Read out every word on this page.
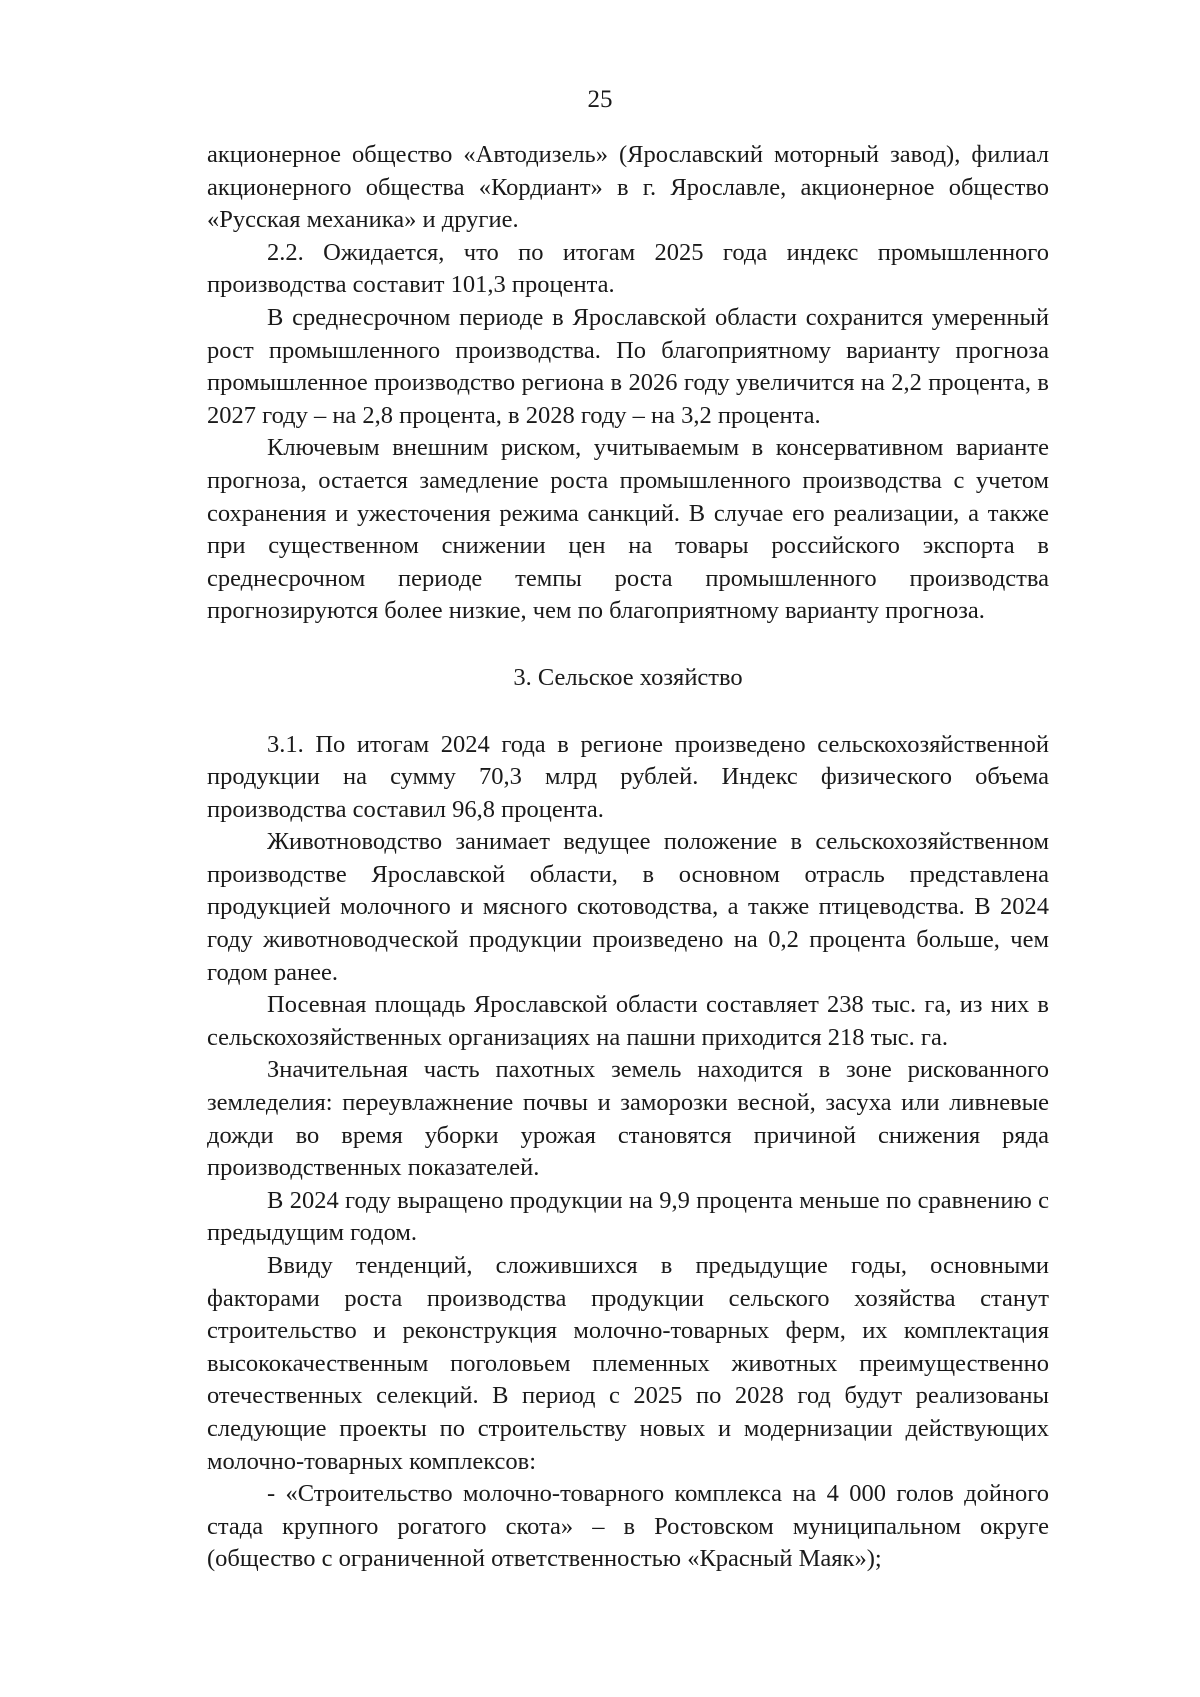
25

акционерное общество «Автодизель» (Ярославский моторный завод), филиал акционерного общества «Кордиант» в г. Ярославле, акционерное общество «Русская механика» и другие.

2.2. Ожидается, что по итогам 2025 года индекс промышленного производства составит 101,3 процента.

В среднесрочном периоде в Ярославской области сохранится умеренный рост промышленного производства. По благоприятному варианту прогноза промышленное производство региона в 2026 году увеличится на 2,2 процента, в 2027 году – на 2,8 процента, в 2028 году – на 3,2 процента.

Ключевым внешним риском, учитываемым в консервативном варианте прогноза, остается замедление роста промышленного производства с учетом сохранения и ужесточения режима санкций. В случае его реализации, а также при существенном снижении цен на товары российского экспорта в среднесрочном периоде темпы роста промышленного производства прогнозируются более низкие, чем по благоприятному варианту прогноза.

3. Сельское хозяйство

3.1. По итогам 2024 года в регионе произведено сельскохозяйственной продукции на сумму 70,3 млрд рублей. Индекс физического объема производства составил 96,8 процента.

Животноводство занимает ведущее положение в сельскохозяйственном производстве Ярославской области, в основном отрасль представлена продукцией молочного и мясного скотоводства, а также птицеводства. В 2024 году животноводческой продукции произведено на 0,2 процента больше, чем годом ранее.

Посевная площадь Ярославской области составляет 238 тыс. га, из них в сельскохозяйственных организациях на пашни приходится 218 тыс. га.

Значительная часть пахотных земель находится в зоне рискованного земледелия: переувлажнение почвы и заморозки весной, засуха или ливневые дожди во время уборки урожая становятся причиной снижения ряда производственных показателей.

В 2024 году выращено продукции на 9,9 процента меньше по сравнению с предыдущим годом.

Ввиду тенденций, сложившихся в предыдущие годы, основными факторами роста производства продукции сельского хозяйства станут строительство и реконструкция молочно-товарных ферм, их комплектация высококачественным поголовьем племенных животных преимущественно отечественных селекций. В период с 2025 по 2028 год будут реализованы следующие проекты по строительству новых и модернизации действующих молочно-товарных комплексов:

- «Строительство молочно-товарного комплекса на 4 000 голов дойного стада крупного рогатого скота» – в Ростовском муниципальном округе (общество с ограниченной ответственностью «Красный Маяк»);
